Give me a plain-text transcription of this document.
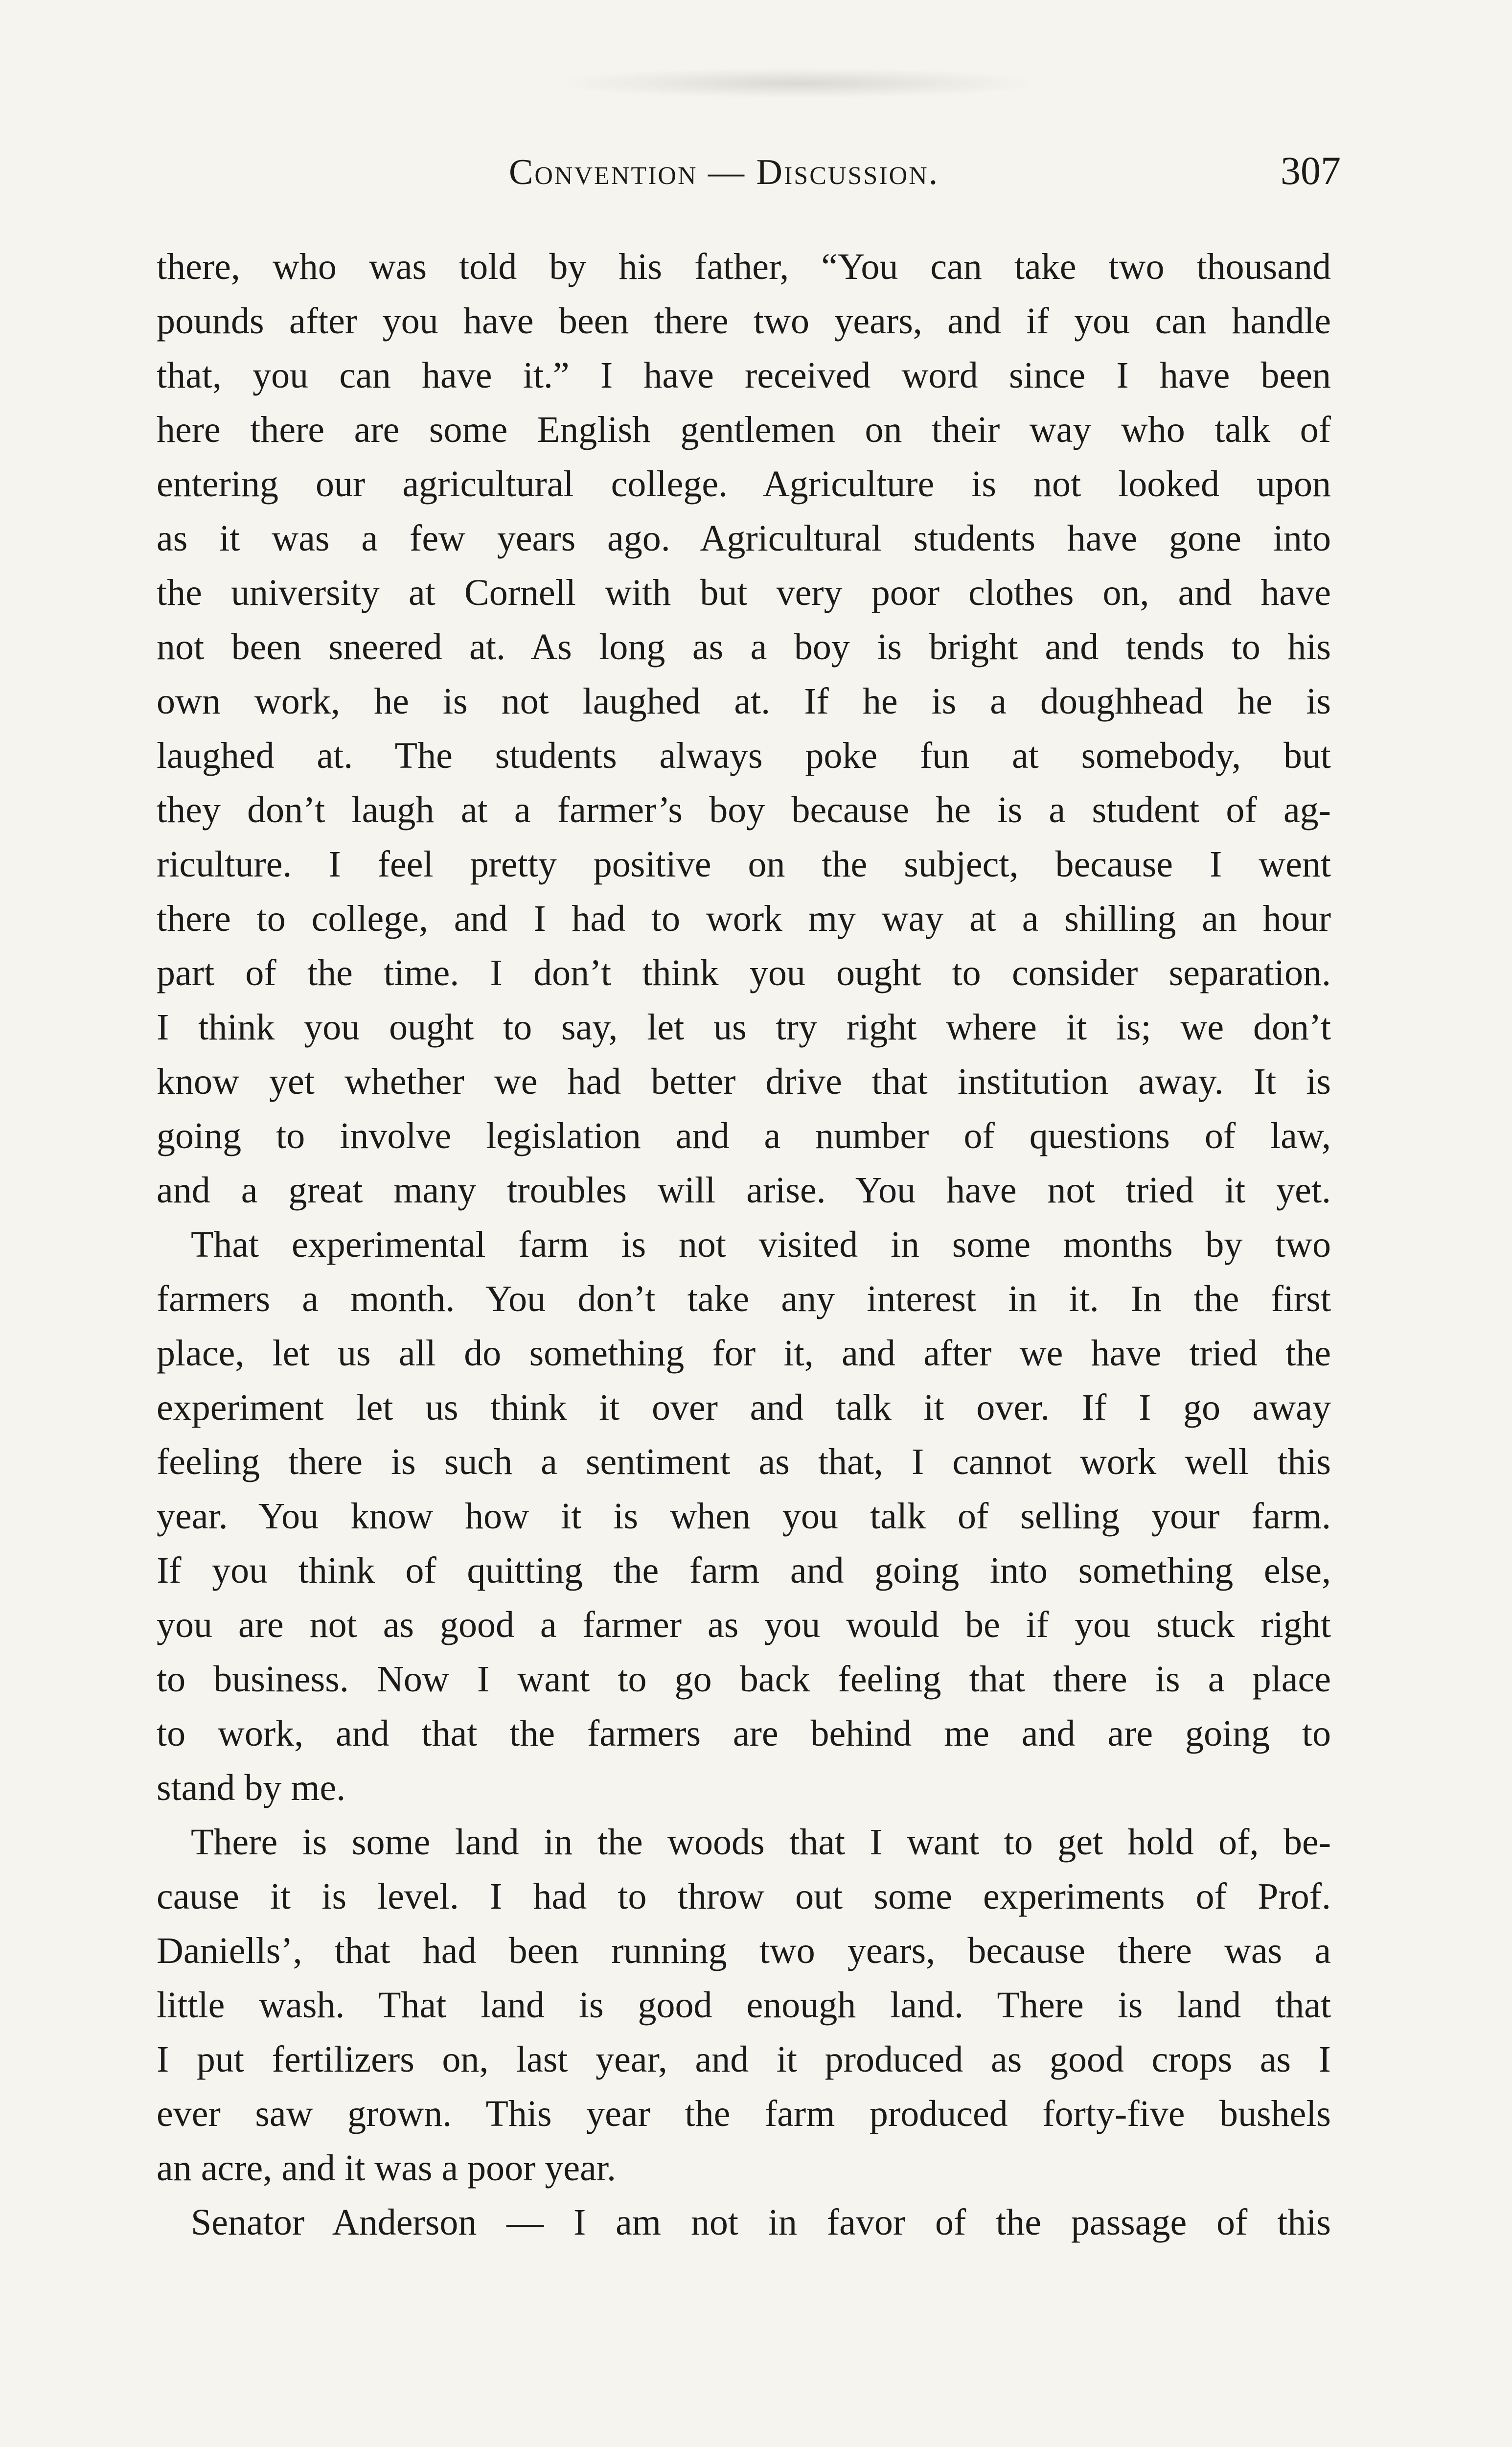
Convention — Discussion.	307
there, who was told by his father, “You can take two thousand
pounds after you have been there two years, and if you can handle
that, you can have it.” I have received word since I have been
here there are some English gentlemen on their way who talk of
entering our agricultural college. Agriculture is not looked upon
as it was a few years ago. Agricultural students have gone into
the university at Cornell with but very poor clothes on, and have
not been sneered at. As long as a boy is bright and tends to his
own work, he is not laughed at. If he is a doughhead he is
laughed at. The students always poke fun at somebody, but
they don’t laugh at a farmer’s boy because he is a student of ag-
riculture. I feel pretty positive on the subject, because I went
there to college, and I had to work my way at a shilling an hour
part of the time. I don’t think you ought to consider separation.
I think you ought to say, let us try right where it is; we don’t
know yet whether we had better drive that institution away. It is
going to involve legislation and a number of questions of law,
and a great many troubles will arise. You have not tried it yet.
That experimental farm is not visited in some months by two
farmers a month. You don’t take any interest in it. In the first
place, let us all do something for it, and after we have tried the
experiment let us think it over and talk it over. If I go away
feeling there is such a sentiment as that, I cannot work well this
year. You know how it is when you talk of selling your farm.
If you think of quitting the farm and going into something else,
you are not as good a farmer as you would be if you stuck right
to business. Now I want to go back feeling that there is a place
to work, and that the farmers are behind me and are going to
stand by me.
There is some land in the woods that I want to get hold of, be-
cause it is level. I had to throw out some experiments of Prof.
Daniells’, that had been running two years, because there was a
little wash. That land is good enough land. There is land that
I put fertilizers on, last year, and it produced as good crops as I
ever saw grown. This year the farm produced forty-five bushels
an acre, and it was a poor year.
Senator Anderson — I am not in favor of the passage of this
